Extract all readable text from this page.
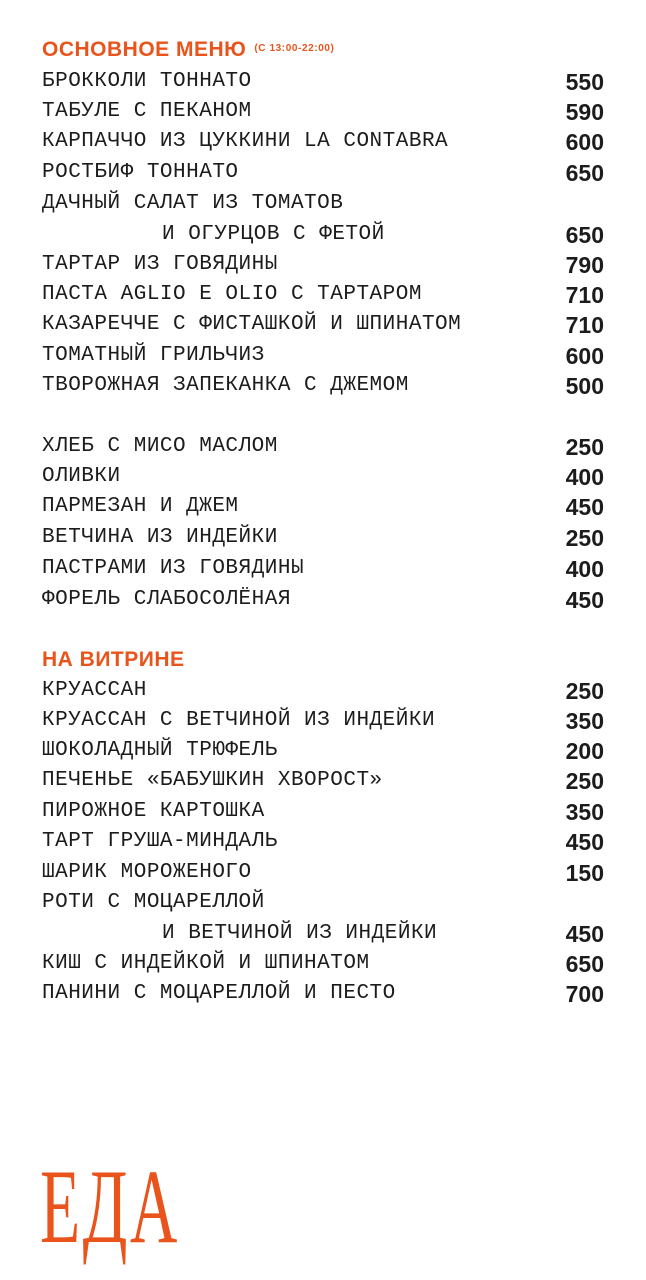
ОСНОВНОЕ МЕНЮ $^{(С 13:00-22:00)}$
БРОККОЛИ ТОННАТО	550
ТАБУЛЕ С ПЕКАНОМ	590
КАРПАЧЧО ИЗ ЦУККИНИ LA CONTABRA	600
РОСТБИФ ТОННАТО	650
ДАЧНЫЙ САЛАТ ИЗ ТОМАТОВ
И ОГУРЦОВ С ФЕТОЙ	650
ТАРТАР ИЗ ГОВЯДИНЫ	790
ПАСТА AGLIO E OLIO С ТАРТАРОМ	710
КАЗАРЕЧЧЕ С ФИСТАШКОЙ И ШПИНАТОМ	710
ТОМАТНЫЙ ГРИЛЬЧИЗ	600
ТВОРОЖНАЯ ЗАПЕКАНКА С ДЖЕМОМ	500
ХЛЕБ С МИСО МАСЛОМ	250
ОЛИВКИ	400
ПАРМЕЗАН И ДЖЕМ	450
ВЕТЧИНА ИЗ ИНДЕЙКИ	250
ПАСТРАМИ ИЗ ГОВЯДИНЫ	400
ФОРЕЛЬ СЛАБОСОЛЁНАЯ	450
НА ВИТРИНЕ
КРУАССАН	250
КРУАССАН С ВЕТЧИНОЙ ИЗ ИНДЕЙКИ	350
ШОКОЛАДНЫЙ ТРЮФЕЛЬ	200
ПЕЧЕНЬЕ «БАБУШКИН ХВОРОСТ»	250
ПИРОЖНОЕ КАРТОШКА	350
ТАРТ ГРУША-МИНДАЛЬ	450
ШАРИК МОРОЖЕНОГО	150
РОТИ С МОЦАРЕЛЛОЙ
И ВЕТЧИНОЙ ИЗ ИНДЕЙКИ	450
КИШ С ИНДЕЙКОЙ И ШПИНАТОМ	650
ПАНИНИ С МОЦАРЕЛЛОЙ И ПЕСТО	700
ЕДА
